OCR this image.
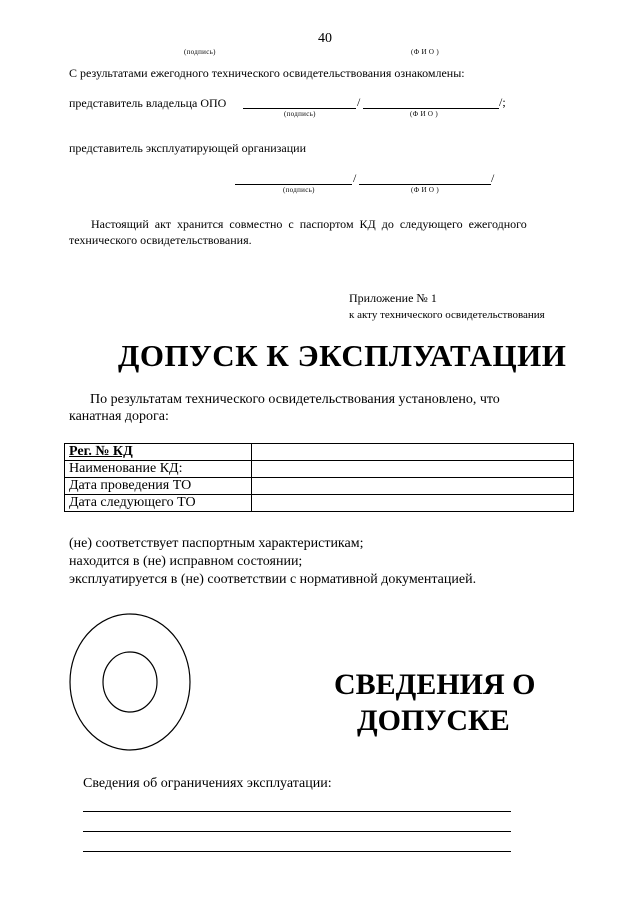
40
(подпись)	(Ф И О )
С результатами ежегодного технического освидетельствования ознакомлены:
представитель владельца ОПО	/	/;
(подпись)	(Ф И О )
представитель эксплуатирующей организации
/	/
(подпись)	(Ф И О )
Настоящий  акт  хранится  совместно  с  паспортом  КД  до  следующего  ежегодного
технического освидетельствования.
Приложение № 1
к акту технического освидетельствования
ДОПУСК К ЭКСПЛУАТАЦИИ
По результатам технического освидетельствования установлено, что
канатная дорога:
Рег. № КД	
Наименование КД:	
Дата проведения ТО	
Дата следующего ТО	
(не) соответствует паспортным характеристикам;
находится в (не) исправном состоянии;
эксплуатируется в (не) соответствии с нормативной документацией.
СВЕДЕНИЯ О
ДОПУСКЕ
Сведения об ограничениях эксплуатации:
